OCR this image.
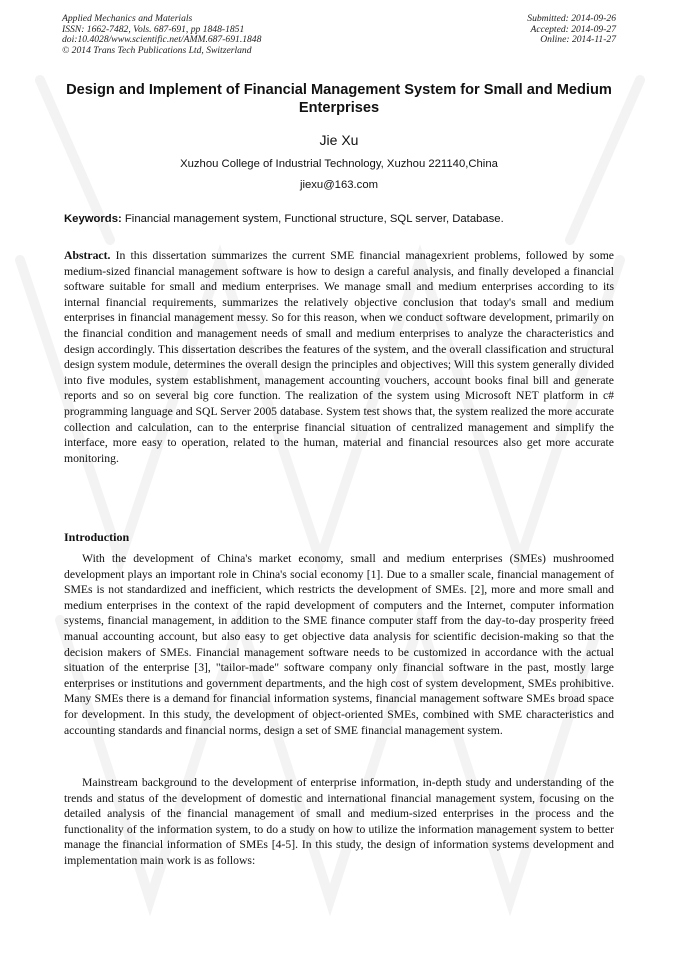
Applied Mechanics and Materials
ISSN: 1662-7482, Vols. 687-691, pp 1848-1851
doi:10.4028/www.scientific.net/AMM.687-691.1848
© 2014 Trans Tech Publications Ltd, Switzerland
Submitted: 2014-09-26
Accepted: 2014-09-27
Online: 2014-11-27
Design and Implement of Financial Management System for Small and Medium Enterprises
Jie Xu
Xuzhou College of Industrial Technology, Xuzhou 221140,China
jiexu@163.com
Keywords: Financial management system, Functional structure, SQL server, Database.

Abstract. In this dissertation summarizes the current SME financial managexrient problems, followed by some medium-sized financial management software is how to design a careful analysis, and finally developed a financial software suitable for small and medium enterprises. We manage small and medium enterprises according to its internal financial requirements, summarizes the relatively objective conclusion that today's small and medium enterprises in financial management messy. So for this reason, when we conduct software development, primarily on the financial condition and management needs of small and medium enterprises to analyze the characteristics and design accordingly. This dissertation describes the features of the system, and the overall classification and structural design system module, determines the overall design the principles and objectives; Will this system generally divided into five modules, system establishment, management accounting vouchers, account books final bill and generate reports and so on several big core function. The realization of the system using Microsoft NET platform in c# programming language and SQL Server 2005 database. System test shows that, the system realized the more accurate collection and calculation, can to the enterprise financial situation of centralized management and simplify the interface, more easy to operation, related to the human, material and financial resources also get more accurate monitoring.

Introduction

With the development of China's market economy, small and medium enterprises (SMEs) mushroomed development plays an important role in China's social economy [1]. Due to a smaller scale, financial management of SMEs is not standardized and inefficient, which restricts the development of SMEs. [2], more and more small and medium enterprises in the context of the rapid development of computers and the Internet, computer information systems, financial management, in addition to the SME finance computer staff from the day-to-day prosperity freed manual accounting account, but also easy to get objective data analysis for scientific decision-making so that the decision makers of SMEs. Financial management software needs to be customized in accordance with the actual situation of the enterprise [3], "tailor-made" software company only financial software in the past, mostly large enterprises or institutions and government departments, and the high cost of system development, SMEs prohibitive. Many SMEs there is a demand for financial information systems, financial management software SMEs broad space for development. In this study, the development of object-oriented SMEs, combined with SME characteristics and accounting standards and financial norms, design a set of SME financial management system.

Mainstream background to the development of enterprise information, in-depth study and understanding of the trends and status of the development of domestic and international financial management system, focusing on the detailed analysis of the financial management of small and medium-sized enterprises in the process and the functionality of the information system, to do a study on how to utilize the information management system to better manage the financial information of SMEs [4-5]. In this study, the design of information systems development and implementation main work is as follows:
